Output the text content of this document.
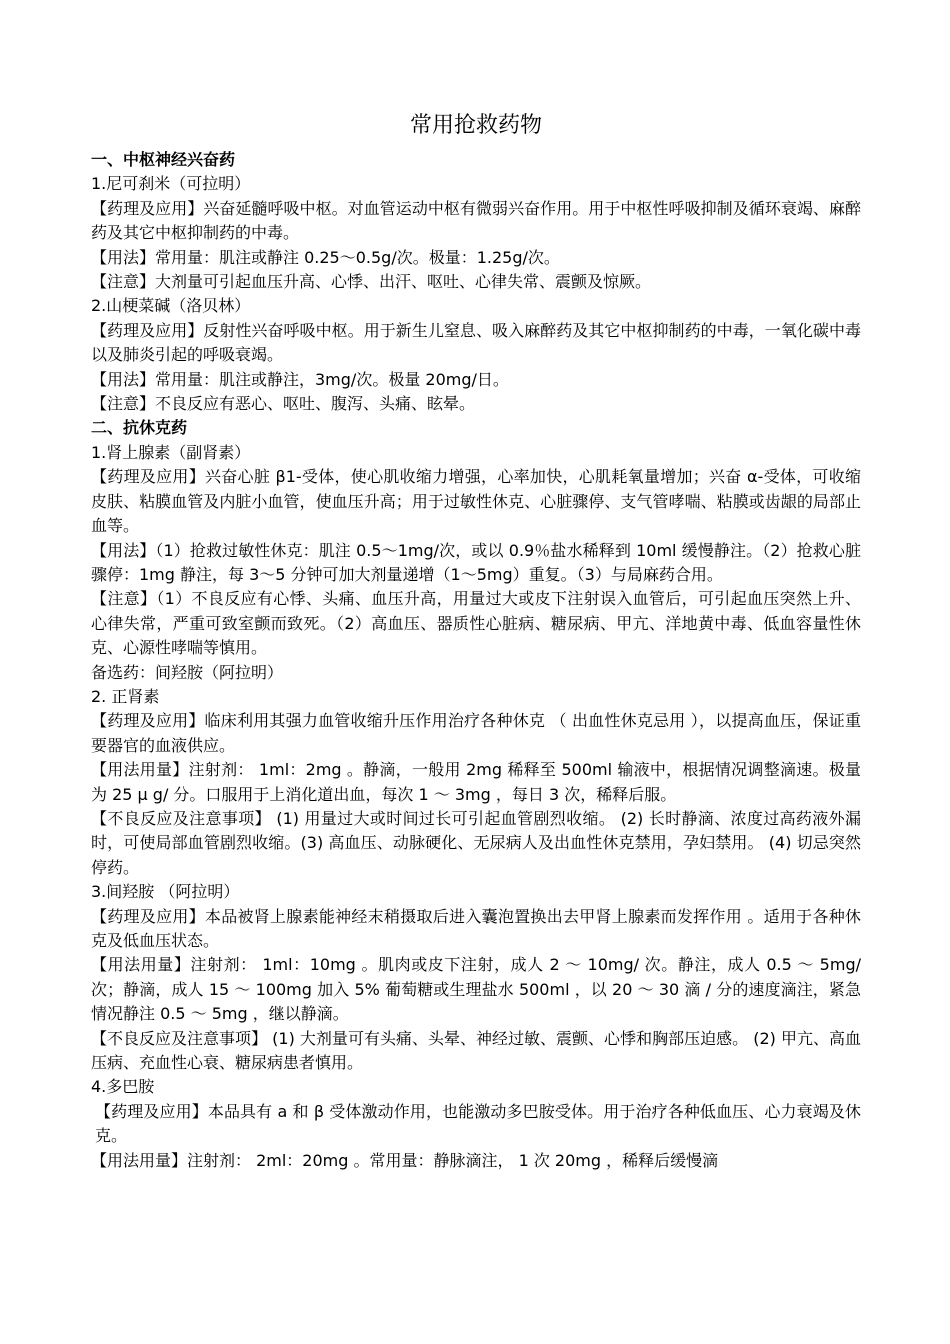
常用抢救药物
一、中枢神经兴奋药
1.尼可刹米（可拉明）
【药理及应用】兴奋延髓呼吸中枢。对血管运动中枢有微弱兴奋作用。用于中枢性呼吸抑制及循环衰竭、麻醉药及其它中枢抑制药的中毒。
【用法】常用量：肌注或静注 0.25～0.5g/次。极量：1.25g/次。
【注意】大剂量可引起血压升高、心悸、出汗、呕吐、心律失常、震颤及惊厥。
2.山梗菜碱（洛贝林）
【药理及应用】反射性兴奋呼吸中枢。用于新生儿窒息、吸入麻醉药及其它中枢抑制药的中毒，一氧化碳中毒以及肺炎引起的呼吸衰竭。
【用法】常用量：肌注或静注，3mg/次。极量 20mg/日。
【注意】不良反应有恶心、呕吐、腹泻、头痛、眩晕。
二、抗休克药
1.肾上腺素（副肾素）
【药理及应用】兴奋心脏 β1-受体，使心肌收缩力增强，心率加快，心肌耗氧量增加；兴奋 α-受体，可收缩皮肤、粘膜血管及内脏小血管，使血压升高；用于过敏性休克、心脏骤停、支气管哮喘、粘膜或齿龈的局部止血等。
【用法】（1）抢救过敏性休克：肌注 0.5～1mg/次，或以 0.9％盐水稀释到 10ml 缓慢静注。（2）抢救心脏骤停：1mg 静注，每 3～5 分钟可加大剂量递增（1～5mg）重复。（3）与局麻药合用。
【注意】（1）不良反应有心悸、头痛、血压升高，用量过大或皮下注射误入血管后，可引起血压突然上升、心律失常，严重可致室颤而致死。（2）高血压、器质性心脏病、糖尿病、甲亢、洋地黄中毒、低血容量性休克、心源性哮喘等慎用。
备选药：间羟胺（阿拉明）
2. 正肾素
【药理及应用】临床利用其强力血管收缩升压作用治疗各种休克 （ 出血性休克忌用 ），以提高血压，保证重要器官的血液供应。
【用法用量】注射剂： 1ml：2mg 。静滴，一般用 2mg 稀释至 500ml 输液中，根据情况调整滴速。极量为 25 μ g/ 分。口服用于上消化道出血，每次 1 ～ 3mg ，每日 3 次，稀释后服。
【不良反应及注意事项】 (1) 用量过大或时间过长可引起血管剧烈收缩。 (2) 长时静滴、浓度过高药液外漏时，可使局部血管剧烈收缩。(3) 高血压、动脉硬化、无尿病人及出血性休克禁用，孕妇禁用。 (4) 切忌突然停药。
3.间羟胺 （阿拉明）
【药理及应用】本品被肾上腺素能神经末稍摄取后进入囊泡置换出去甲肾上腺素而发挥作用 。适用于各种休克及低血压状态。
【用法用量】注射剂： 1ml：10mg 。肌肉或皮下注射，成人 2 ～ 10mg/ 次。静注，成人 0.5 ～ 5mg/ 次；静滴，成人 15 ～ 100mg 加入 5% 葡萄糖或生理盐水 500ml ，以 20 ～ 30 滴 / 分的速度滴注，紧急情况静注 0.5 ～ 5mg ，继以静滴。
【不良反应及注意事项】 (1) 大剂量可有头痛、头晕、神经过敏、震颤、心悸和胸部压迫感。 (2) 甲亢、高血压病、充血性心衰、糖尿病患者慎用。
4.多巴胺
【药理及应用】本品具有 a 和 β 受体激动作用，也能激动多巴胺受体。用于治疗各种低血压、心力衰竭及休克。
【用法用量】注射剂： 2ml：20mg 。常用量：静脉滴注， 1 次 20mg ，稀释后缓慢滴
